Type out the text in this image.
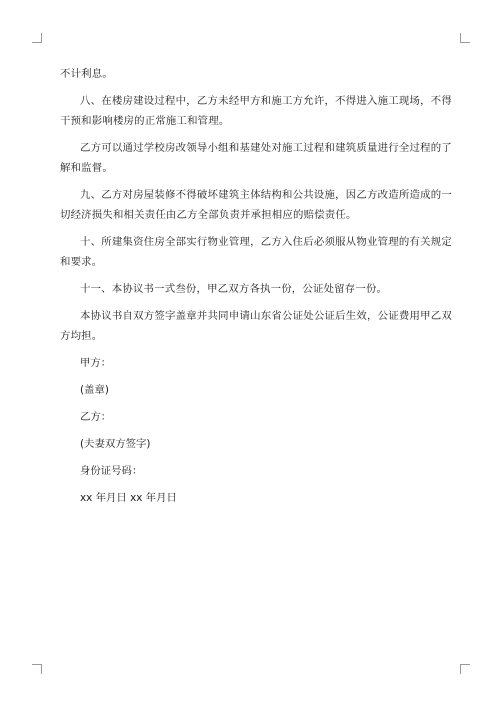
不计利息。

八、在楼房建设过程中，乙方未经甲方和施工方允许，不得进入施工现场，不得干预和影响楼房的正常施工和管理。

乙方可以通过学校房改领导小组和基建处对施工过程和建筑质量进行全过程的了解和监督。

九、乙方对房屋装修不得破坏建筑主体结构和公共设施，因乙方改造所造成的一切经济损失和相关责任由乙方全部负责并承担相应的赔偿责任。

十、所建集资住房全部实行物业管理，乙方入住后必须服从物业管理的有关规定和要求。

十一、本协议书一式叁份，甲乙双方各执一份，公证处留存一份。

本协议书自双方签字盖章并共同申请山东省公证处公证后生效，公证费用甲乙双方均担。

甲方：
(盖章)
乙方：
(夫妻双方签字)
身份证号码：
xx 年月日 xx 年月日
